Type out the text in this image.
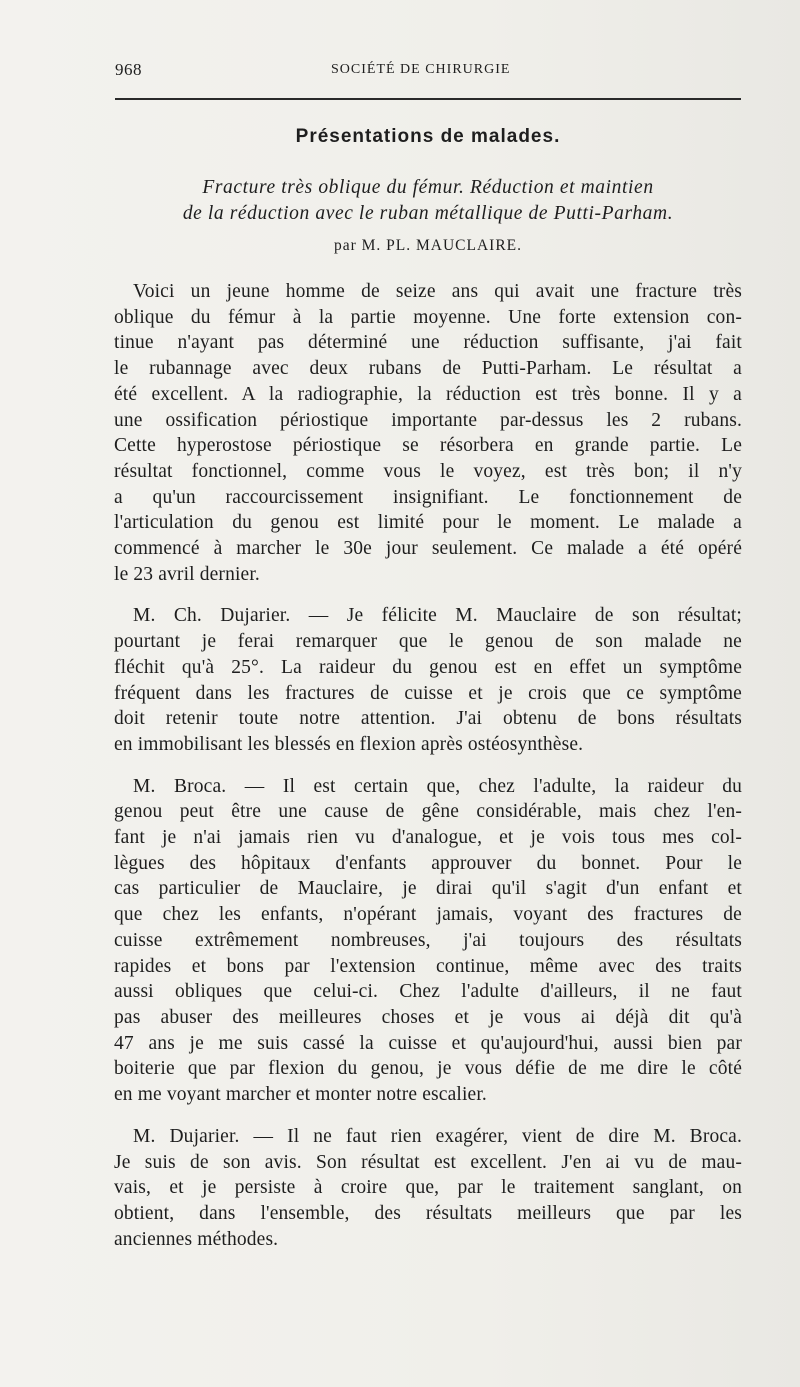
968	SOCIÉTÉ DE CHIRURGIE
Présentations de malades.
Fracture très oblique du fémur. Réduction et maintien
de la réduction avec le ruban métallique de Putti-Parham.
par M. PL. MAUCLAIRE.
Voici un jeune homme de seize ans qui avait une fracture très
oblique du fémur à la partie moyenne. Une forte extension con-
tinue n'ayant pas déterminé une réduction suffisante, j'ai fait
le rubannage avec deux rubans de Putti-Parham. Le résultat a
été excellent. A la radiographie, la réduction est très bonne. Il y a
une ossification périostique importante par-dessus les 2 rubans.
Cette hyperostose périostique se résorbera en grande partie. Le
résultat fonctionnel, comme vous le voyez, est très bon; il n'y
a qu'un raccourcissement insignifiant. Le fonctionnement de
l'articulation du genou est limité pour le moment. Le malade a
commencé à marcher le 30e jour seulement. Ce malade a été opéré
le 23 avril dernier.
M. Ch. Dujarier. — Je félicite M. Mauclaire de son résultat;
pourtant je ferai remarquer que le genou de son malade ne
fléchit qu'à 25°. La raideur du genou est en effet un symptôme
fréquent dans les fractures de cuisse et je crois que ce symptôme
doit retenir toute notre attention. J'ai obtenu de bons résultats
en immobilisant les blessés en flexion après ostéosynthèse.
M. Broca. — Il est certain que, chez l'adulte, la raideur du
genou peut être une cause de gêne considérable, mais chez l'en-
fant je n'ai jamais rien vu d'analogue, et je vois tous mes col-
lègues des hôpitaux d'enfants approuver du bonnet. Pour le
cas particulier de Mauclaire, je dirai qu'il s'agit d'un enfant et
que chez les enfants, n'opérant jamais, voyant des fractures de
cuisse extrêmement nombreuses, j'ai toujours des résultats
rapides et bons par l'extension continue, même avec des traits
aussi obliques que celui-ci. Chez l'adulte d'ailleurs, il ne faut
pas abuser des meilleures choses et je vous ai déjà dit qu'à
47 ans je me suis cassé la cuisse et qu'aujourd'hui, aussi bien par
boiterie que par flexion du genou, je vous défie de me dire le côté
en me voyant marcher et monter notre escalier.
M. Dujarier. — Il ne faut rien exagérer, vient de dire M. Broca.
Je suis de son avis. Son résultat est excellent. J'en ai vu de mau-
vais, et je persiste à croire que, par le traitement sanglant, on
obtient, dans l'ensemble, des résultats meilleurs que par les
anciennes méthodes.
